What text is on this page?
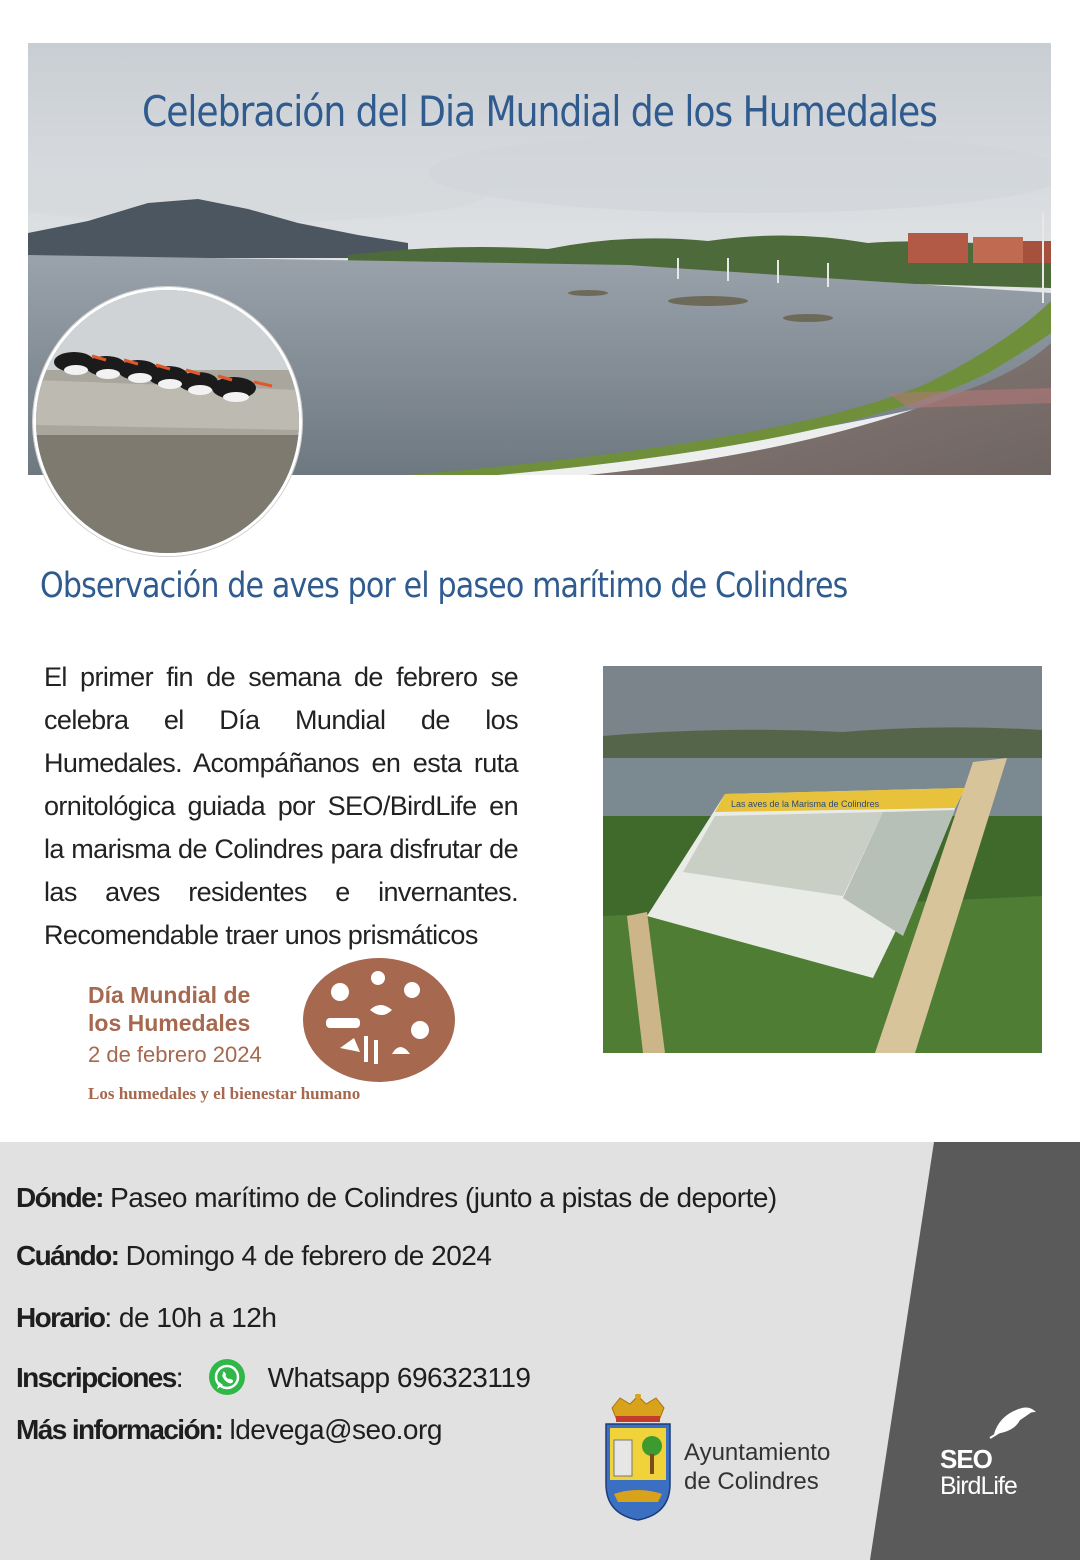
Celebración del Dia Mundial de los Humedales
Observación de aves por el paseo marítimo de Colindres
El primer fin de semana de febrero se celebra el Día Mundial de los Humedales. Acompáñanos en esta ruta ornitológica guiada por SEO/BirdLife en la marisma de Colindres para disfrutar de las aves residentes e invernantes. Recomendable traer unos prismáticos
Las aves de la Marisma de Colindres
Día Mundial de
los Humedales
2 de febrero 2024
Los humedales y el bienestar humano
Dónde: Paseo marítimo de Colindres (junto a pistas de deporte)
Cuándo: Domingo 4 de febrero de 2024
Horario: de 10h a 12h
Inscripciones:	Whatsapp 696323119
Más información: ldevega@seo.org
Ayuntamiento
de Colindres
SEO
BirdLife
